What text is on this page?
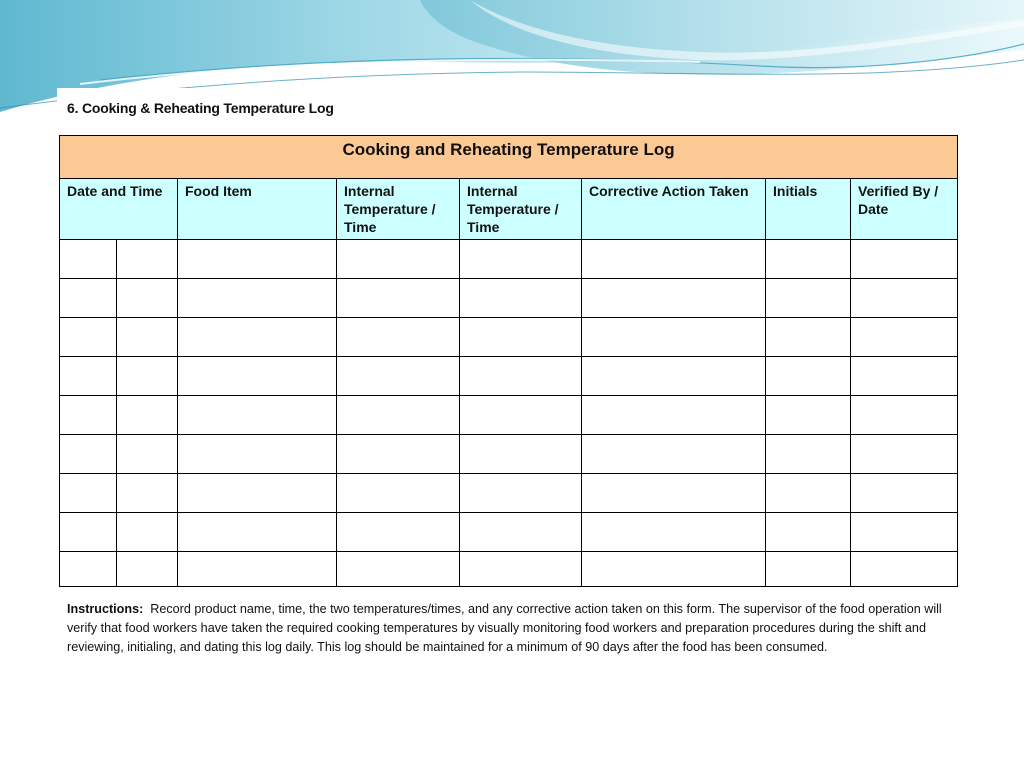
6. Cooking & Reheating Temperature Log
Cooking and Reheating Temperature Log							
Date and Time		Food Item	Internal Temperature / Time	Internal Temperature / Time	Corrective Action Taken	Initials	Verified By / Date

Instructions: Record product name, time, the two temperatures/times, and any corrective action taken on this form. The supervisor of the food operation will verify that food workers have taken the required cooking temperatures by visually monitoring food workers and preparation procedures during the shift and reviewing, initialing, and dating this log daily. This log should be maintained for a minimum of 90 days after the food has been consumed.
